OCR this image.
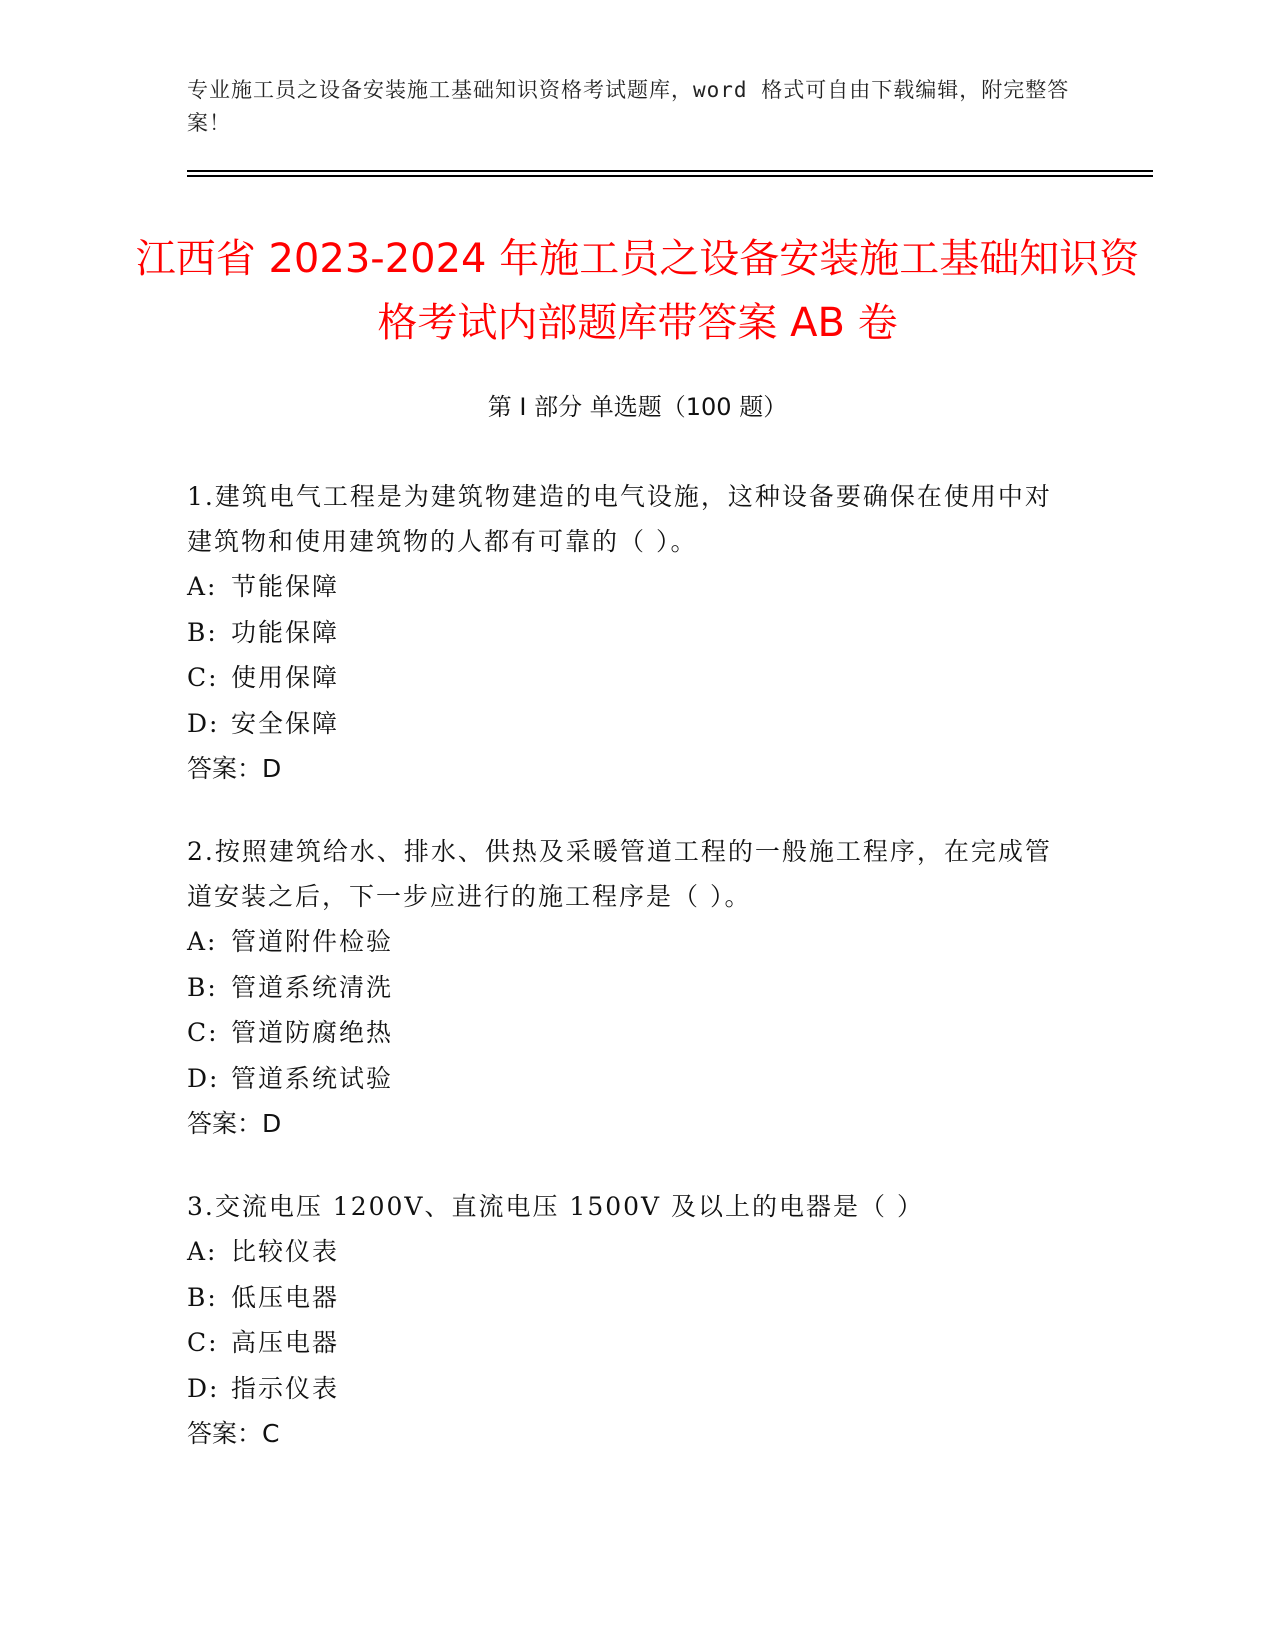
专业施工员之设备安装施工基础知识资格考试题库，word 格式可自由下载编辑，附完整答案！
江西省 2023-2024 年施工员之设备安装施工基础知识资格考试内部题库带答案 AB 卷
第 I 部分 单选题（100 题）
1.建筑电气工程是为建筑物建造的电气设施，这种设备要确保在使用中对建筑物和使用建筑物的人都有可靠的（ ）。
A: 节能保障
B: 功能保障
C: 使用保障
D: 安全保障
答案：D
2.按照建筑给水、排水、供热及采暖管道工程的一般施工程序，在完成管道安装之后，下一步应进行的施工程序是（ ）。
A: 管道附件检验
B: 管道系统清洗
C: 管道防腐绝热
D: 管道系统试验
答案：D
3.交流电压 1200V、直流电压 1500V 及以上的电器是（ ）
A: 比较仪表
B: 低压电器
C: 高压电器
D: 指示仪表
答案：C
